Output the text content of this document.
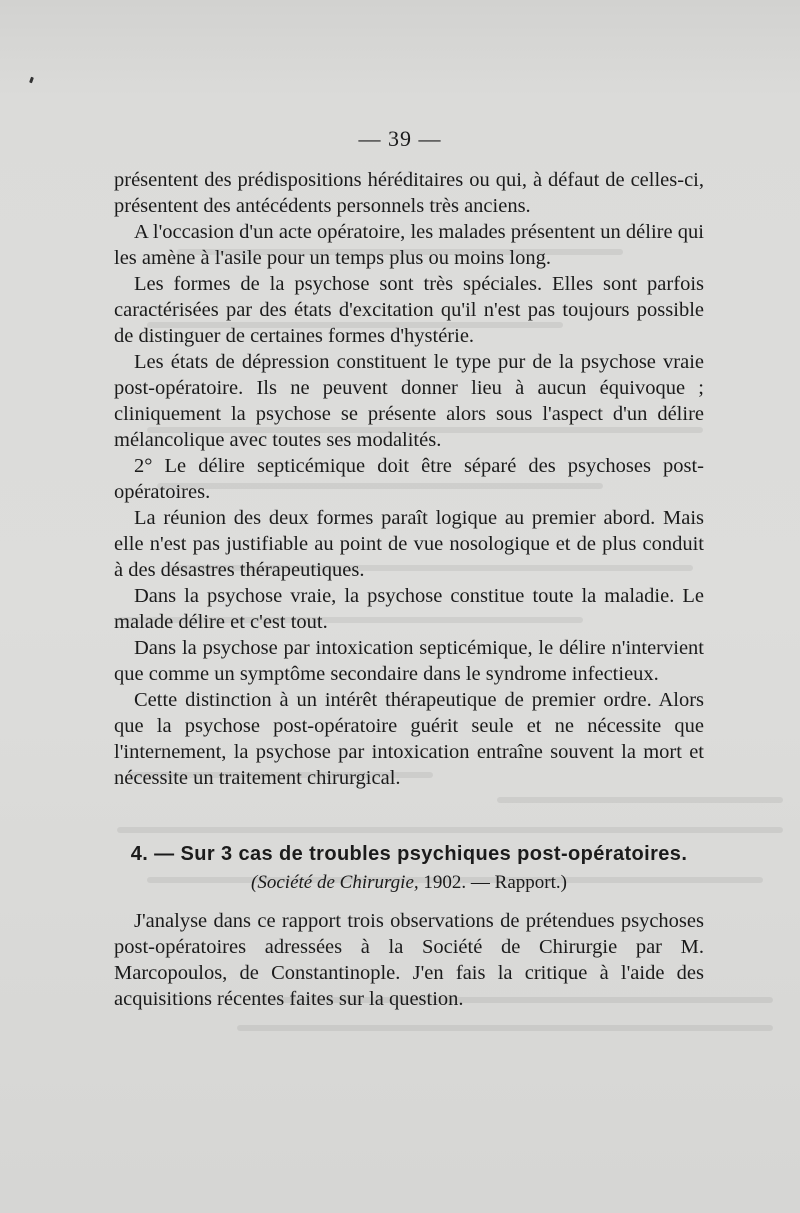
— 39 —

présentent des prédispositions héréditaires ou qui, à défaut de celles-ci, présentent des antécédents personnels très anciens.

A l'occasion d'un acte opératoire, les malades présentent un délire qui les amène à l'asile pour un temps plus ou moins long.

Les formes de la psychose sont très spéciales. Elles sont parfois caractérisées par des états d'excitation qu'il n'est pas toujours possible de distinguer de certaines formes d'hystérie.

Les états de dépression constituent le type pur de la psychose vraie post-opératoire. Ils ne peuvent donner lieu à aucun équivoque ; cliniquement la psychose se présente alors sous l'aspect d'un délire mélancolique avec toutes ses modalités.

2° Le délire septicémique doit être séparé des psychoses post-opératoires.

La réunion des deux formes paraît logique au premier abord. Mais elle n'est pas justifiable au point de vue nosologique et de plus conduit à des désastres thérapeutiques.

Dans la psychose vraie, la psychose constitue toute la maladie. Le malade délire et c'est tout.

Dans la psychose par intoxication septicémique, le délire n'intervient que comme un symptôme secondaire dans le syndrome infectieux.

Cette distinction à un intérêt thérapeutique de premier ordre. Alors que la psychose post-opératoire guérit seule et ne nécessite que l'internement, la psychose par intoxication entraîne souvent la mort et nécessite un traitement chirurgical.

4. — Sur 3 cas de troubles psychiques post-opératoires.
(Société de Chirurgie, 1902. — Rapport.)

J'analyse dans ce rapport trois observations de prétendues psychoses post-opératoires adressées à la Société de Chirurgie par M. Marcopoulos, de Constantinople. J'en fais la critique à l'aide des acquisitions récentes faites sur la question.
